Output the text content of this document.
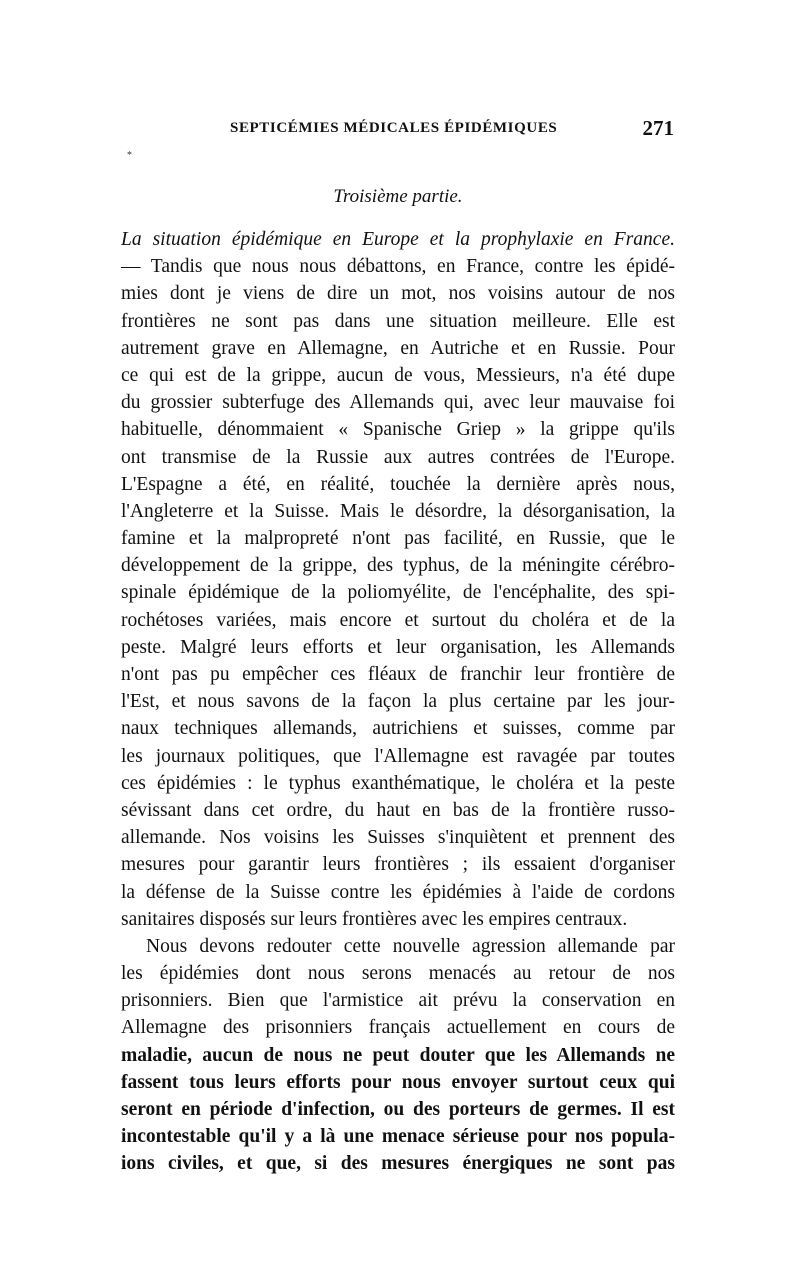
SEPTICÉMIES MÉDICALES ÉPIDÉMIQUES	271
*
Troisième partie.
La situation épidémique en Europe et la prophylaxie en France.
— Tandis que nous nous débattons, en France, contre les épidé-
mies dont je viens de dire un mot, nos voisins autour de nos
frontières ne sont pas dans une situation meilleure. Elle est
autrement grave en Allemagne, en Autriche et en Russie. Pour
ce qui est de la grippe, aucun de vous, Messieurs, n'a été dupe
du grossier subterfuge des Allemands qui, avec leur mauvaise foi
habituelle, dénommaient « Spanische Griep » la grippe qu'ils
ont transmise de la Russie aux autres contrées de l'Europe.
L'Espagne a été, en réalité, touchée la dernière après nous,
l'Angleterre et la Suisse. Mais le désordre, la désorganisation, la
famine et la malpropreté n'ont pas facilité, en Russie, que le
développement de la grippe, des typhus, de la méningite cérébro-
spinale épidémique de la poliomyélite, de l'encéphalite, des spi-
rochétoses variées, mais encore et surtout du choléra et de la
peste. Malgré leurs efforts et leur organisation, les Allemands
n'ont pas pu empêcher ces fléaux de franchir leur frontière de
l'Est, et nous savons de la façon la plus certaine par les jour-
naux techniques allemands, autrichiens et suisses, comme par
les journaux politiques, que l'Allemagne est ravagée par toutes
ces épidémies : le typhus exanthématique, le choléra et la peste
sévissant dans cet ordre, du haut en bas de la frontière russo-
allemande. Nos voisins les Suisses s'inquiètent et prennent des
mesures pour garantir leurs frontières ; ils essaient d'organiser
la défense de la Suisse contre les épidémies à l'aide de cordons
sanitaires disposés sur leurs frontières avec les empires centraux.
Nous devons redouter cette nouvelle agression allemande par
les épidémies dont nous serons menacés au retour de nos
prisonniers. Bien que l'armistice ait prévu la conservation en
Allemagne des prisonniers français actuellement en cours de
maladie, aucun de nous ne peut douter que les Allemands ne
fassent tous leurs efforts pour nous envoyer surtout ceux qui
seront en période d'infection, ou des porteurs de germes. Il est
incontestable qu'il y a là une menace sérieuse pour nos popula-
ions civiles, et que, si des mesures énergiques ne sont pas
